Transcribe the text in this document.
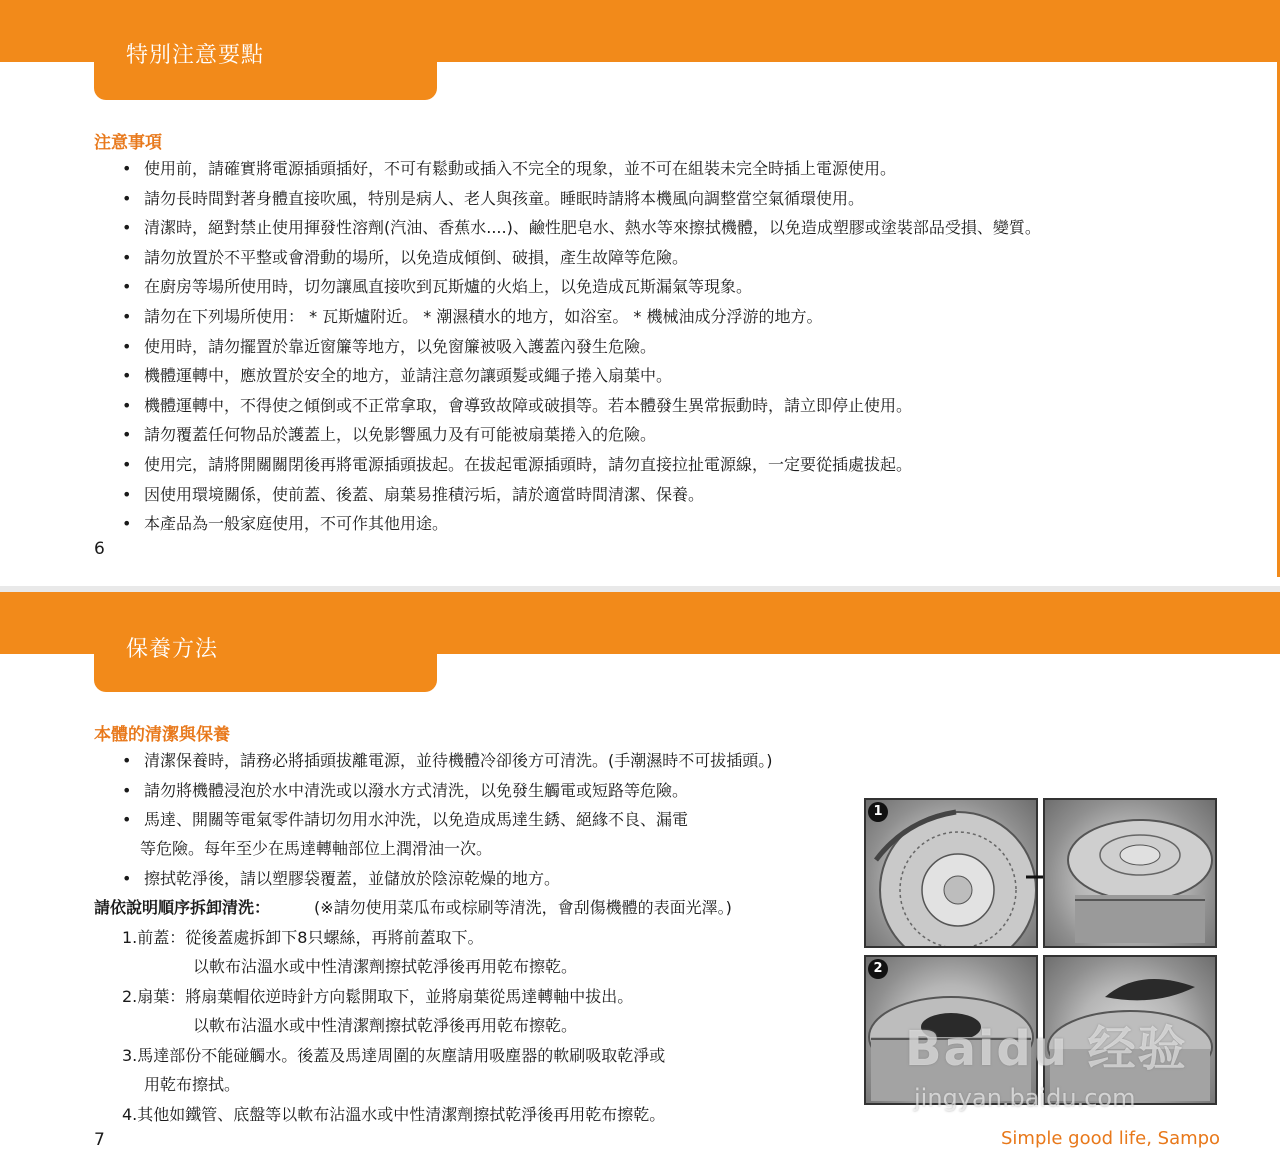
特別注意要點
注意事項
• 使用前，請確實將電源插頭插好，不可有鬆動或插入不完全的現象，並不可在組裝未完全時插上電源使用。
• 請勿長時間對著身體直接吹風，特別是病人、老人與孩童。睡眠時請將本機風向調整當空氣循環使用。
• 清潔時，絕對禁止使用揮發性溶劑(汽油、香蕉水....)、鹼性肥皂水、熱水等來擦拭機體，以免造成塑膠或塗裝部品受損、變質。
• 請勿放置於不平整或會滑動的場所，以免造成傾倒、破損，產生故障等危險。
• 在廚房等場所使用時，切勿讓風直接吹到瓦斯爐的火焰上，以免造成瓦斯漏氣等現象。
• 請勿在下列場所使用： * 瓦斯爐附近。 * 潮濕積水的地方，如浴室。 * 機械油成分浮游的地方。
• 使用時，請勿擺置於靠近窗簾等地方，以免窗簾被吸入護蓋內發生危險。
• 機體運轉中，應放置於安全的地方，並請注意勿讓頭髮或繩子捲入扇葉中。
• 機體運轉中，不得使之傾倒或不正常拿取，會導致故障或破損等。若本體發生異常振動時，請立即停止使用。
• 請勿覆蓋任何物品於護蓋上，以免影響風力及有可能被扇葉捲入的危險。
• 使用完，請將開關關閉後再將電源插頭拔起。在拔起電源插頭時，請勿直接拉扯電源線，一定要從插處拔起。
• 因使用環境關係，使前蓋、後蓋、扇葉易推積污垢，請於適當時間清潔、保養。
• 本產品為一般家庭使用，不可作其他用途。
6
保養方法
本體的清潔與保養
• 清潔保養時，請務必將插頭拔離電源，並待機體冷卻後方可清洗。(手潮濕時不可拔插頭。)
• 請勿將機體浸泡於水中清洗或以潑水方式清洗，以免發生觸電或短路等危險。
• 馬達、開關等電氣零件請切勿用水沖洗，以免造成馬達生銹、絕緣不良、漏電
等危險。每年至少在馬達轉軸部位上潤滑油一次。
• 擦拭乾淨後，請以塑膠袋覆蓋，並儲放於陰涼乾燥的地方。
請依說明順序拆卸清洗：	(※請勿使用菜瓜布或棕刷等清洗，會刮傷機體的表面光澤。)
1.前蓋：從後蓋處拆卸下8只螺絲，再將前蓋取下。
以軟布沾溫水或中性清潔劑擦拭乾淨後再用乾布擦乾。
2.扇葉：將扇葉帽依逆時針方向鬆開取下，並將扇葉從馬達轉軸中拔出。
以軟布沾溫水或中性清潔劑擦拭乾淨後再用乾布擦乾。
3.馬達部份不能碰觸水。後蓋及馬達周圍的灰塵請用吸塵器的軟刷吸取乾淨或
用乾布擦拭。
4.其他如鐵管、底盤等以軟布沾溫水或中性清潔劑擦拭乾淨後再用乾布擦乾。
7	Simple good life, Sampo
1
2
Baidu 经验
jingyan.baidu.com
